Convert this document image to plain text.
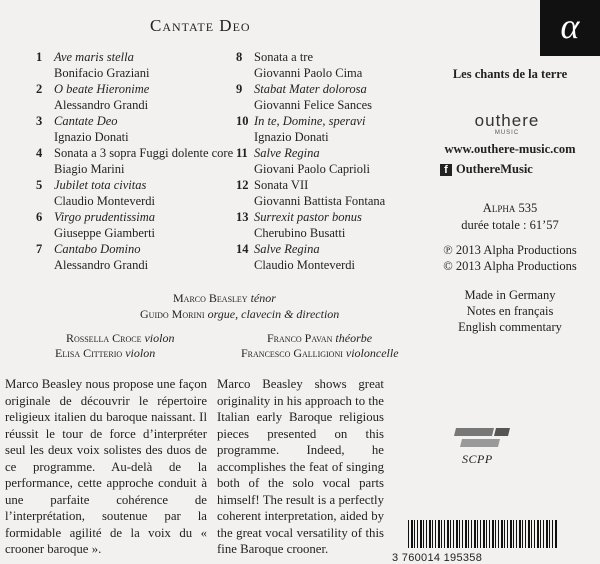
Cantate Deo	α
1 Ave maris stella
Bonifacio Graziani
2 O beate Hieronime
Alessandro Grandi
3 Cantate Deo
Ignazio Donati
4 Sonata a 3 sopra Fuggi dolente core
Biagio Marini
5 Jubilet tota civitas
Claudio Monteverdi
6 Virgo prudentissima
Giuseppe Giamberti
7 Cantabo Domino
Alessandro Grandi
8 Sonata a tre
Giovanni Paolo Cima
9 Stabat Mater dolorosa
Giovanni Felice Sances
10 In te, Domine, speravi
Ignazio Donati
11 Salve Regina
Giovani Paolo Caprioli
12 Sonata VII
Giovanni Battista Fontana
13 Surrexit pastor bonus
Cherubino Busatti
14 Salve Regina
Claudio Monteverdi
Marco Beasley ténor
Guido Morini orgue, clavecin & direction
Rossella Croce violon
Elisa Citterio violon
Franco Pavan théorbe
Francesco Galligioni violoncelle
Les chants de la terre
outhere
MUSIC
www.outhere-music.com
f OuthereMusic
Alpha 535
durée totale : 61’57
℗ 2013 Alpha Productions
© 2013 Alpha Productions
Made in Germany
Notes en français
English commentary
SCPP
3 760014 195358
Marco Beasley nous propose une façon originale de découvrir le répertoire religieux italien du baroque naissant. Il réussit le tour de force d’interpréter seul les deux voix solistes des duos de ce programme. Au-delà de la performance, cette approche conduit à une parfaite cohérence de l’interprétation, soutenue par la formidable agilité de la voix du « crooner baroque ».
Marco Beasley shows great originality in his approach to the Italian early Baroque religious pieces presented on this programme. Indeed, he accomplishes the feat of singing both of the solo vocal parts himself! The result is a perfectly coherent interpretation, aided by the great vocal versatility of this fine Baroque crooner.
